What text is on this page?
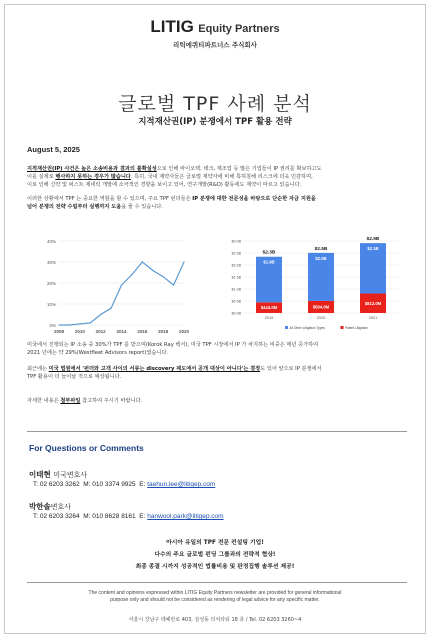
LITIG Equity Partners
리틱에퀴티파트너스 주식회사
글로벌 TPF 사례 분석
지적재산권(IP) 분쟁에서 TPF 활용 전략
August 5, 2025
지적재산권(IP) 사건은 높은 소송비용과 결과의 불확실성으로 인해 바이오텍, 테크, 제조업 등 많은 기업들이 IP 권리를 확보하고도
이를 실제로 행사하지 못하는 경우가 많습니다. 특히, 국내 제약사들은 글로벌 제약사에 비해 특허침해 리스크에 더욱 민감하며,
이로 인해 신약 및 퍼스트 제네릭 개발에 소극적인 경향을 보이고 있어, 연구개발(R&D) 활동에도 제약이 따르고 있습니다.
이러한 상황에서 TPF 는 중요한 역할을 할 수 있으며, 주요 TPF 펀더들은 IP 분쟁에 대한 전문성을 바탕으로 단순한 자금 지원을
넘어 분쟁의 전략 수립부터 실행까지 도움을 줄 수 있습니다.
0%
10%
20%
30%
40%
2008 2010 2012 2014 2016 2018 2020
$0.0B
$0.5B
$1.0B
$1.5B
$2.0B
$2.5B
$3.0B
$444.0M
$1.9B
$2.3B
2019
$504.0M
$2.0B
$2.5B
2020
$812.0M
$2.1B
$2.9B
2021
All Other Litigation Types	Patent Litigation
미국에서 진행되는 IP 소송 중 30%가 TPF 를 받으며(Korok Ray 백서), 미국 TPF 시장에서 IP 가 차지하는 비중은 매년 증가하여
2021 년에는 약 29%(Westfleet Advisors report)였습니다.
최근에는 미국 법원에서 '펀더와 고객 사이의 서류는 discovery 제도에서 공개 대상이 아니다'는 결정도 있어 앞으로 IP 분쟁에서
TPF 활용이 더 늘어날 것으로 예상됩니다.
자세한 내용은 첨부파일 참고하여 주시기 바랍니다.
For Questions or Comments
이태현 미국변호사
T: 02 6203 3262 M: 010 3374 9925 E: taehun.lee@litigep.com
박한솔변호사
T: 02 6203 3264 M: 010 8628 8161 E: hanwool.park@litigep.com
아시아 유일의 TPF 전문 컨설팅 기업!
다수의 주요 글로벌 펀딩 그룹과의 전략적 협상!
최종 종결 시까지 성공적인 법률비용 및 판정집행 솔루션 제공!
The content and opinions expressed within LITIG Equity Partners newsletter are provided for general informational
purpose only and should not be considered as rendering of legal advice for any specific matter.
서울시 강남구 테헤란로 403, 삼성동 리치타워 18 층 / Tel. 02 6203 3260~4
